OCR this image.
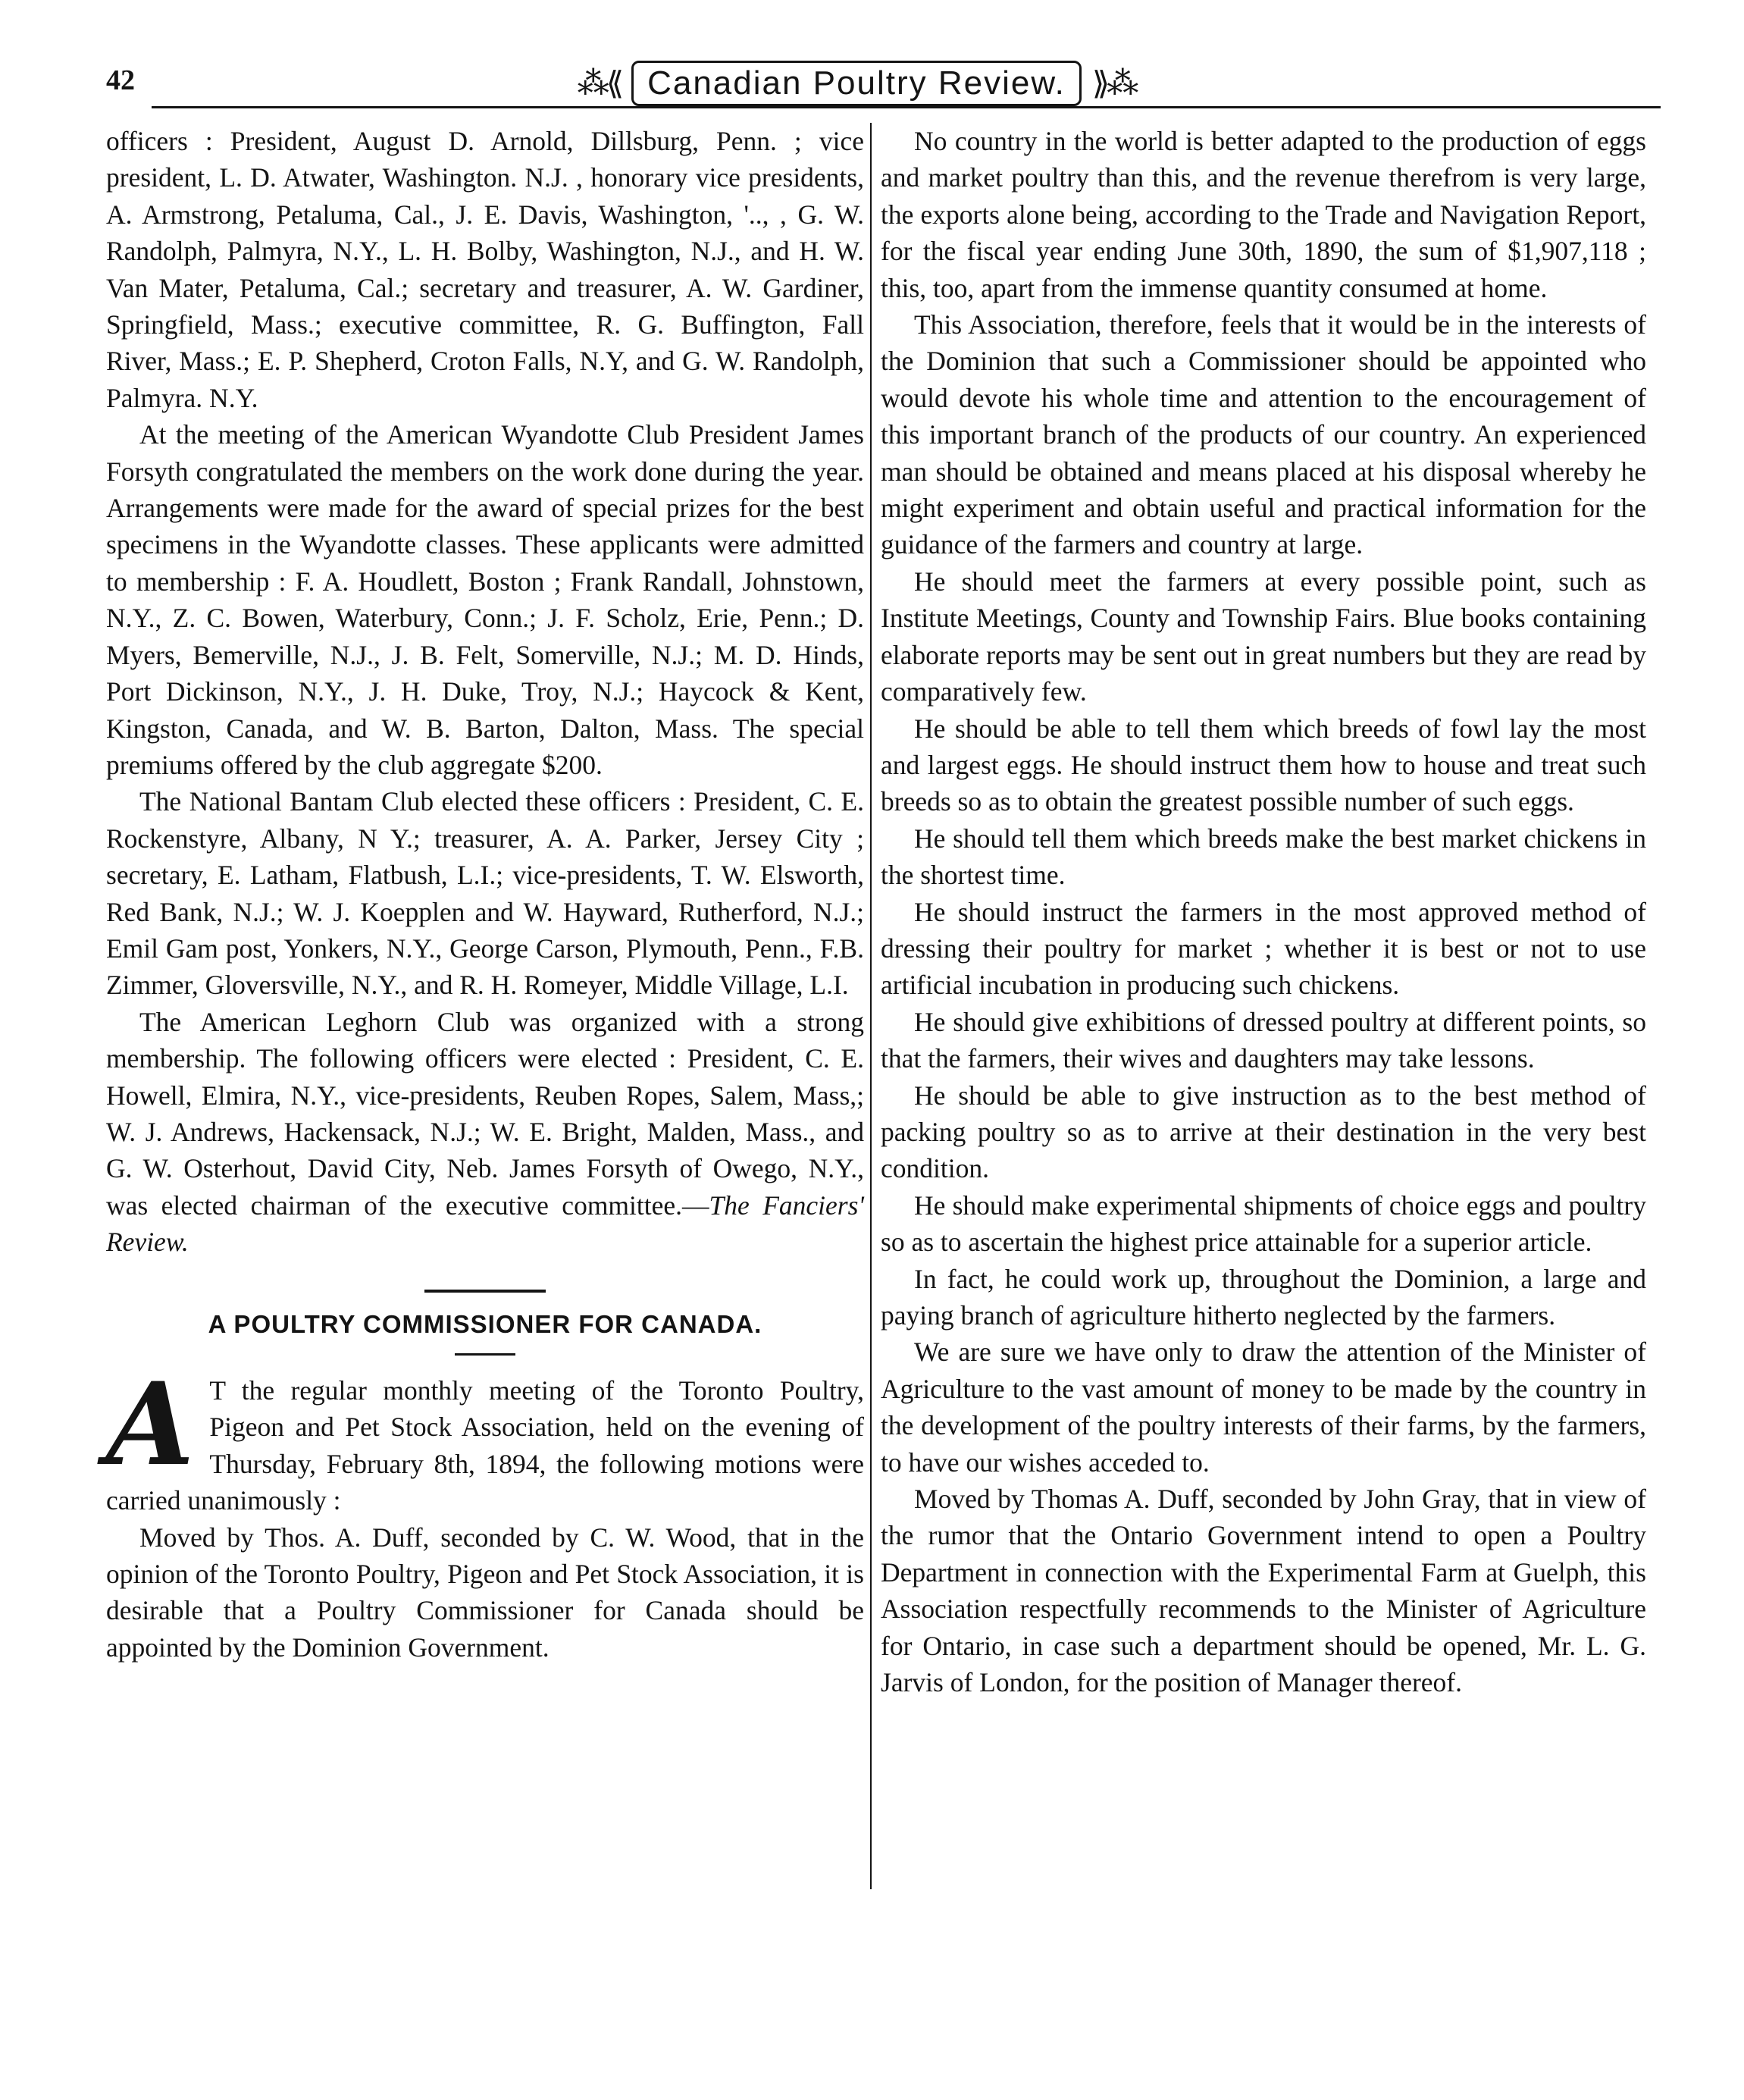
42	⁂⟪ Canadian Poultry Review. ⟫⁂

officers : President, August D. Arnold, Dillsburg, Penn. ; vice president, L. D. Atwater, Washington. N.J. , honorary vice presidents, A. Armstrong, Petaluma, Cal., J. E. Davis, Washington, '.., , G. W. Randolph, Palmyra, N.Y., L. H. Bolby, Washington, N.J., and H. W. Van Mater, Petaluma, Cal.; secretary and treasurer, A. W. Gardiner, Springfield, Mass.; executive committee, R. G. Buffington, Fall River, Mass.; E. P. Shepherd, Croton Falls, N.Y, and G. W. Randolph, Palmyra. N.Y.

At the meeting of the American Wyandotte Club President James Forsyth congratulated the members on the work done during the year. Arrangements were made for the award of special prizes for the best specimens in the Wyandotte classes. These applicants were admitted to membership : F. A. Houdlett, Boston ; Frank Randall, Johnstown, N.Y., Z. C. Bowen, Waterbury, Conn.; J. F. Scholz, Erie, Penn.; D. Myers, Bemerville, N.J., J. B. Felt, Somerville, N.J.; M. D. Hinds, Port Dickinson, N.Y., J. H. Duke, Troy, N.J.; Haycock & Kent, Kingston, Canada, and W. B. Barton, Dalton, Mass. The special premiums offered by the club aggregate $200.

The National Bantam Club elected these officers : President, C. E. Rockenstyre, Albany, N Y.; treasurer, A. A. Parker, Jersey City ; secretary, E. Latham, Flatbush, L.I.; vice-presidents, T. W. Elsworth, Red Bank, N.J.; W. J. Koepplen and W. Hayward, Rutherford, N.J.; Emil Gam post, Yonkers, N.Y., George Carson, Plymouth, Penn., F.B. Zimmer, Gloversville, N.Y., and R. H. Romeyer, Middle Village, L.I.

The American Leghorn Club was organized with a strong membership. The following officers were elected : President, C. E. Howell, Elmira, N.Y., vice-presidents, Reuben Ropes, Salem, Mass,; W. J. Andrews, Hackensack, N.J.; W. E. Bright, Malden, Mass., and G. W. Osterhout, David City, Neb. James Forsyth of Owego, N.Y., was elected chairman of the executive committee.—The Fanciers' Review.

A POULTRY COMMISSIONER FOR CANADA.

A T the regular monthly meeting of the Toronto Poultry, Pigeon and Pet Stock Association, held on the evening of Thursday, February 8th, 1894, the following motions were carried unanimously :

Moved by Thos. A. Duff, seconded by C. W. Wood, that in the opinion of the Toronto Poultry, Pigeon and Pet Stock Association, it is desirable that a Poultry Commissioner for Canada should be appointed by the Dominion Government.

No country in the world is better adapted to the production of eggs and market poultry than this, and the revenue therefrom is very large, the exports alone being, according to the Trade and Navigation Report, for the fiscal year ending June 30th, 1890, the sum of $1,907,118 ; this, too, apart from the immense quantity consumed at home.

This Association, therefore, feels that it would be in the interests of the Dominion that such a Commissioner should be appointed who would devote his whole time and attention to the encouragement of this important branch of the products of our country. An experienced man should be obtained and means placed at his disposal whereby he might experiment and obtain useful and practical information for the guidance of the farmers and country at large.

He should meet the farmers at every possible point, such as Institute Meetings, County and Township Fairs. Blue books containing elaborate reports may be sent out in great numbers but they are read by comparatively few.

He should be able to tell them which breeds of fowl lay the most and largest eggs. He should instruct them how to house and treat such breeds so as to obtain the greatest possible number of such eggs.

He should tell them which breeds make the best market chickens in the shortest time.

He should instruct the farmers in the most approved method of dressing their poultry for market ; whether it is best or not to use artificial incubation in producing such chickens.

He should give exhibitions of dressed poultry at different points, so that the farmers, their wives and daughters may take lessons.

He should be able to give instruction as to the best method of packing poultry so as to arrive at their destination in the very best condition.

He should make experimental shipments of choice eggs and poultry so as to ascertain the highest price attainable for a superior article.

In fact, he could work up, throughout the Dominion, a large and paying branch of agriculture hitherto neglected by the farmers.

We are sure we have only to draw the attention of the Minister of Agriculture to the vast amount of money to be made by the country in the development of the poultry interests of their farms, by the farmers, to have our wishes acceded to.

Moved by Thomas A. Duff, seconded by John Gray, that in view of the rumor that the Ontario Government intend to open a Poultry Department in connection with the Experimental Farm at Guelph, this Association respectfully recommends to the Minister of Agriculture for Ontario, in case such a department should be opened, Mr. L. G. Jarvis of London, for the position of Manager thereof.
